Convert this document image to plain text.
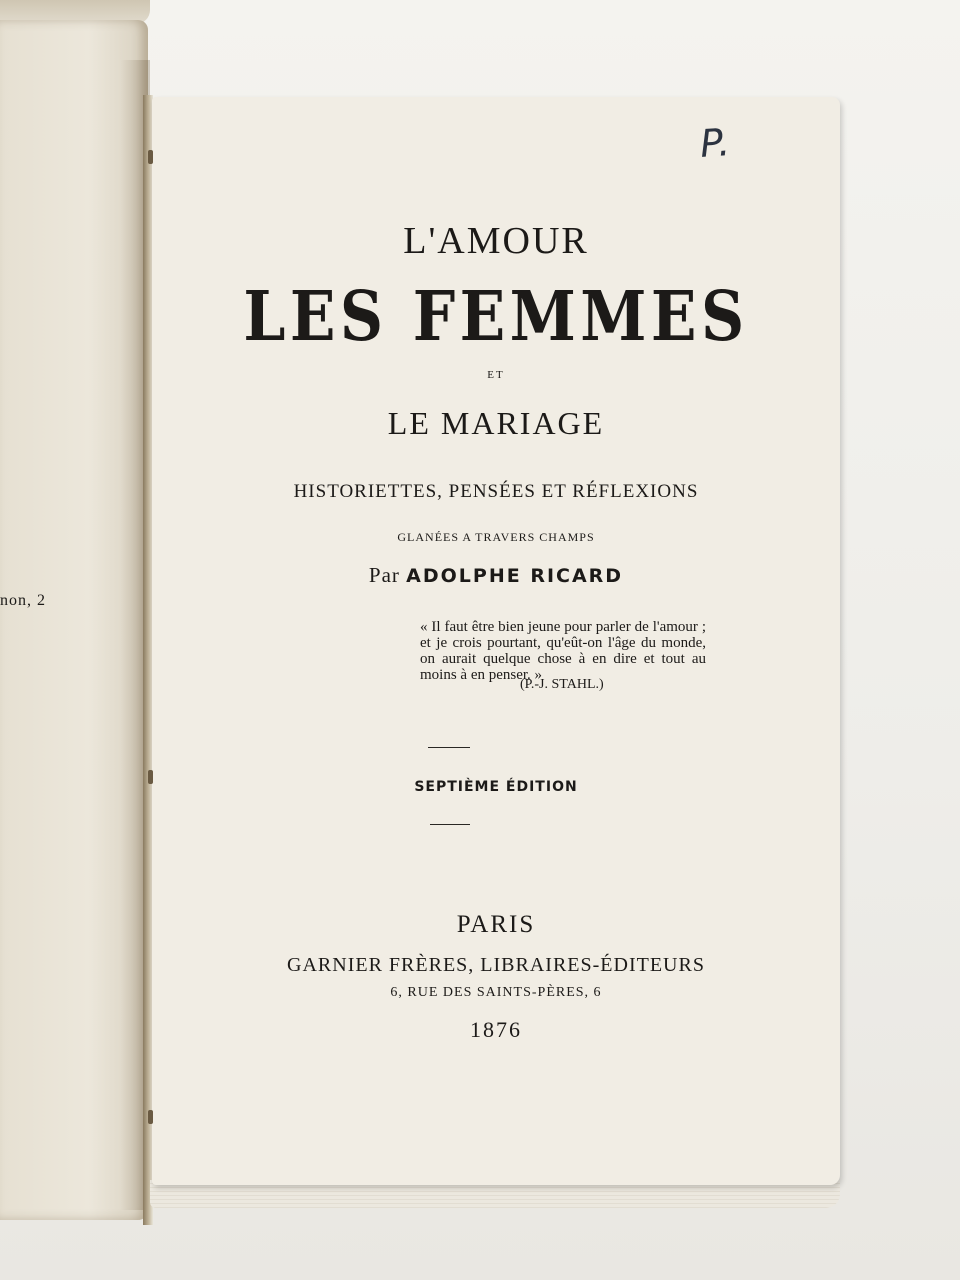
non, 2
P.
L'AMOUR
LES FEMMES
ET
LE MARIAGE
HISTORIETTES, PENSÉES ET RÉFLEXIONS
GLANÉES A TRAVERS CHAMPS
Par ADOLPHE RICARD
« Il faut être bien jeune pour parler de l'amour ; et je crois pourtant, qu'eût-on l'âge du monde, on aurait quelque chose à en dire et tout au moins à en penser. »
(P.-J. STAHL.)
SEPTIÈME ÉDITION
PARIS
GARNIER FRÈRES, LIBRAIRES-ÉDITEURS
6, RUE DES SAINTS-PÈRES, 6
1876
